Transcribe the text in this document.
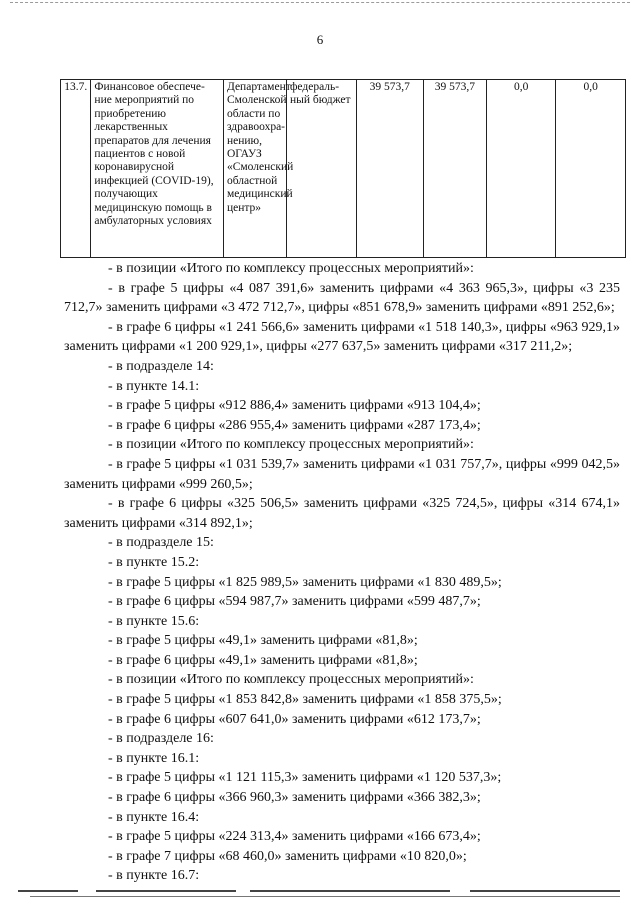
6
13.7.	Финансовое обеспече-ние мероприятий по приобретению лекарственных препаратов для лечения пациентов с новой коронавирусной инфекцией (COVID-19), получающих медицинскую помощь в амбулаторных условиях	Департамент Смоленской области по здравоохра-нению, ОГАУЗ «Смоленский областной медицинский центр»	федераль-ный бюджет	39 573,7	39 573,7	0,0	0,0

- в позиции «Итого по комплексу процессных мероприятий»:

- в графе 5 цифры «4 087 391,6» заменить цифрами «4 363 965,3», цифры «3 235 712,7» заменить цифрами «3 472 712,7», цифры «851 678,9» заменить цифрами «891 252,6»;

- в графе 6 цифры «1 241 566,6» заменить цифрами «1 518 140,3», цифры «963 929,1» заменить цифрами «1 200 929,1», цифры «277 637,5» заменить цифрами «317 211,2»;

- в подразделе 14:

- в пункте 14.1:

- в графе 5 цифры «912 886,4» заменить цифрами «913 104,4»;

- в графе 6 цифры «286 955,4» заменить цифрами «287 173,4»;

- в позиции «Итого по комплексу процессных мероприятий»:

- в графе 5 цифры «1 031 539,7» заменить цифрами «1 031 757,7», цифры «999 042,5» заменить цифрами «999 260,5»;

- в графе 6 цифры «325 506,5» заменить цифрами «325 724,5», цифры «314 674,1» заменить цифрами «314 892,1»;

- в подразделе 15:

- в пункте 15.2:

- в графе 5 цифры «1 825 989,5» заменить цифрами «1 830 489,5»;

- в графе 6 цифры «594 987,7» заменить цифрами «599 487,7»;

- в пункте 15.6:

- в графе 5 цифры «49,1» заменить цифрами «81,8»;

- в графе 6 цифры «49,1» заменить цифрами «81,8»;

- в позиции «Итого по комплексу процессных мероприятий»:

- в графе 5 цифры «1 853 842,8» заменить цифрами «1 858 375,5»;

- в графе 6 цифры «607 641,0» заменить цифрами «612 173,7»;

- в подразделе 16:

- в пункте 16.1:

- в графе 5 цифры «1 121 115,3» заменить цифрами «1 120 537,3»;

- в графе 6 цифры «366 960,3» заменить цифрами «366 382,3»;

- в пункте 16.4:

- в графе 5 цифры «224 313,4» заменить цифрами «166 673,4»;

- в графе 7 цифры «68 460,0» заменить цифрами «10 820,0»;

- в пункте 16.7:
